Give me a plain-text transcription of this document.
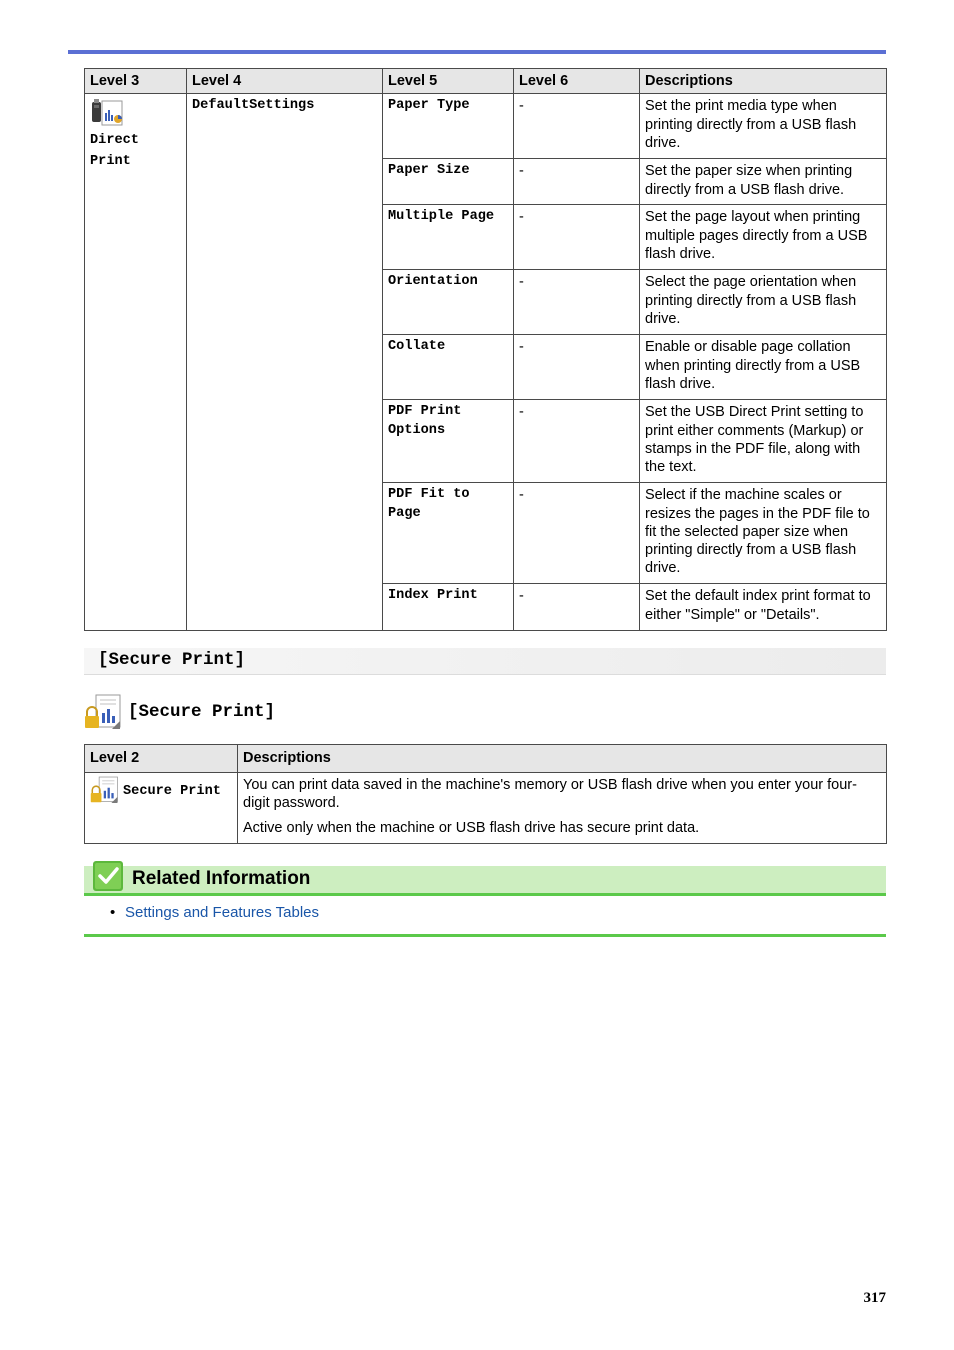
Level 3	Level 4	Level 5	Level 6	Descriptions

Direct Print	DefaultSettings	Paper Type	-	Set the print media type when printing directly from a USB flash drive.
		Paper Size	-	Set the paper size when printing directly from a USB flash drive.
		Multiple Page	-	Set the page layout when printing multiple pages directly from a USB flash drive.
		Orientation	-	Select the page orientation when printing directly from a USB flash drive.
		Collate	-	Enable or disable page collation when printing directly from a USB flash drive.
		PDF Print Options	-	Set the USB Direct Print setting to print either comments (Markup) or stamps in the PDF file, along with the text.
		PDF Fit to Page	-	Select if the machine scales or resizes the pages in the PDF file to fit the selected paper size when printing directly from a USB flash drive.
		Index Print	-	Set the default index print format to either "Simple" or "Details".
[Secure Print]
[Secure Print]
Level 2	Descriptions
Secure Print	You can print data saved in the machine's memory or USB flash drive when you enter your four-digit password.
Active only when the machine or USB flash drive has secure print data.
Related Information
• Settings and Features Tables
317
